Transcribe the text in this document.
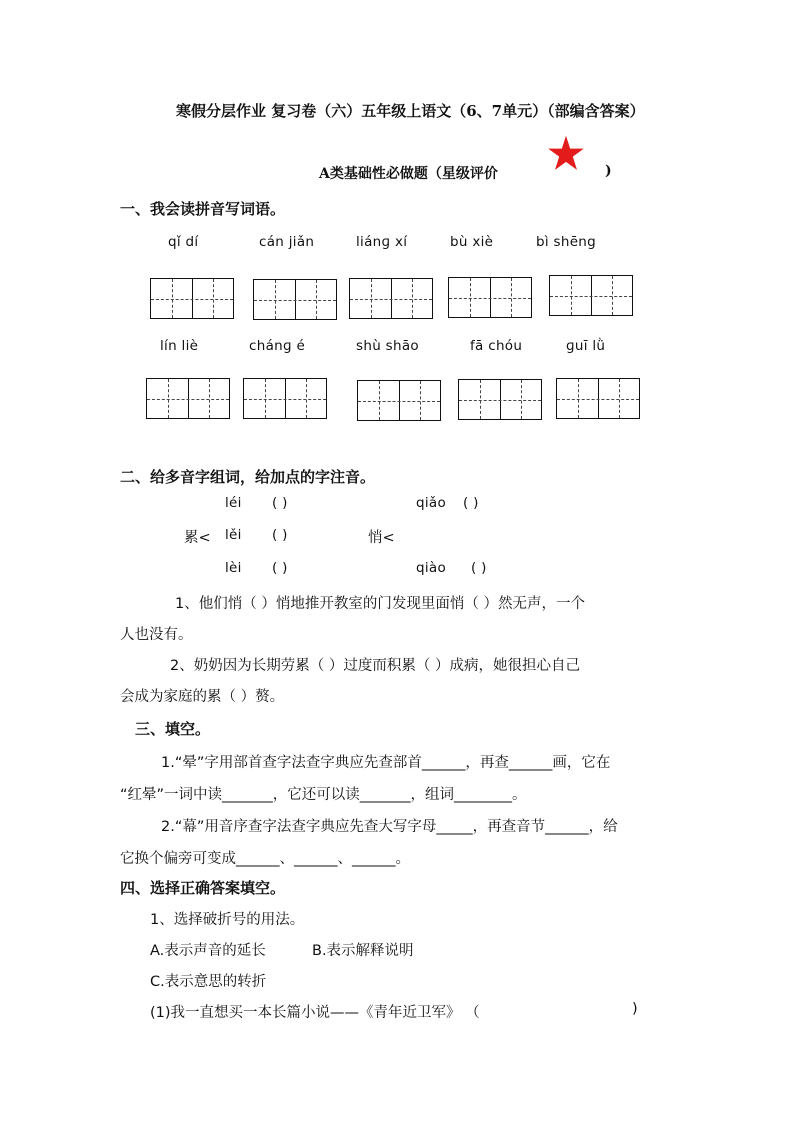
寒假分层作业 复习卷（六）五年级上语文（6、7单元）（部编含答案）
A类基础性必做题（星级评价	)
一、我会读拼音写词语。
qǐ dí	cán jiǎn	liánɡ xí	bù xiè	bì shēng
lín liè	chánɡ é	shù shāo	fā chóu	ɡuī lǜ
二、给多音字组词，给加点的字注音。
léi ( )	qiǎo ( )
累< lěi ( )	悄<
lèi ( )	qiào ( )
1、他们悄（ ）悄地推开教室的门发现里面悄（ ）然无声，一个
人也没有。
2、奶奶因为长期劳累（ ）过度而积累（ ）成病，她很担心自己
会成为家庭的累（ ）赘。
三、填空。
1.“晕”字用部首查字法查字典应先查部首______，再查______画，它在
“红晕”一词中读_______，它还可以读_______，组词________。
2.“幕”用音序查字法查字典应先查大写字母_____，再查音节______，给
它换个偏旁可变成______、______、______。
四、选择正确答案填空。
1、选择破折号的用法。
A.表示声音的延长	B.表示解释说明
C.表示意思的转折
(1)我一直想买一本长篇小说——《青年近卫军》 （	)
